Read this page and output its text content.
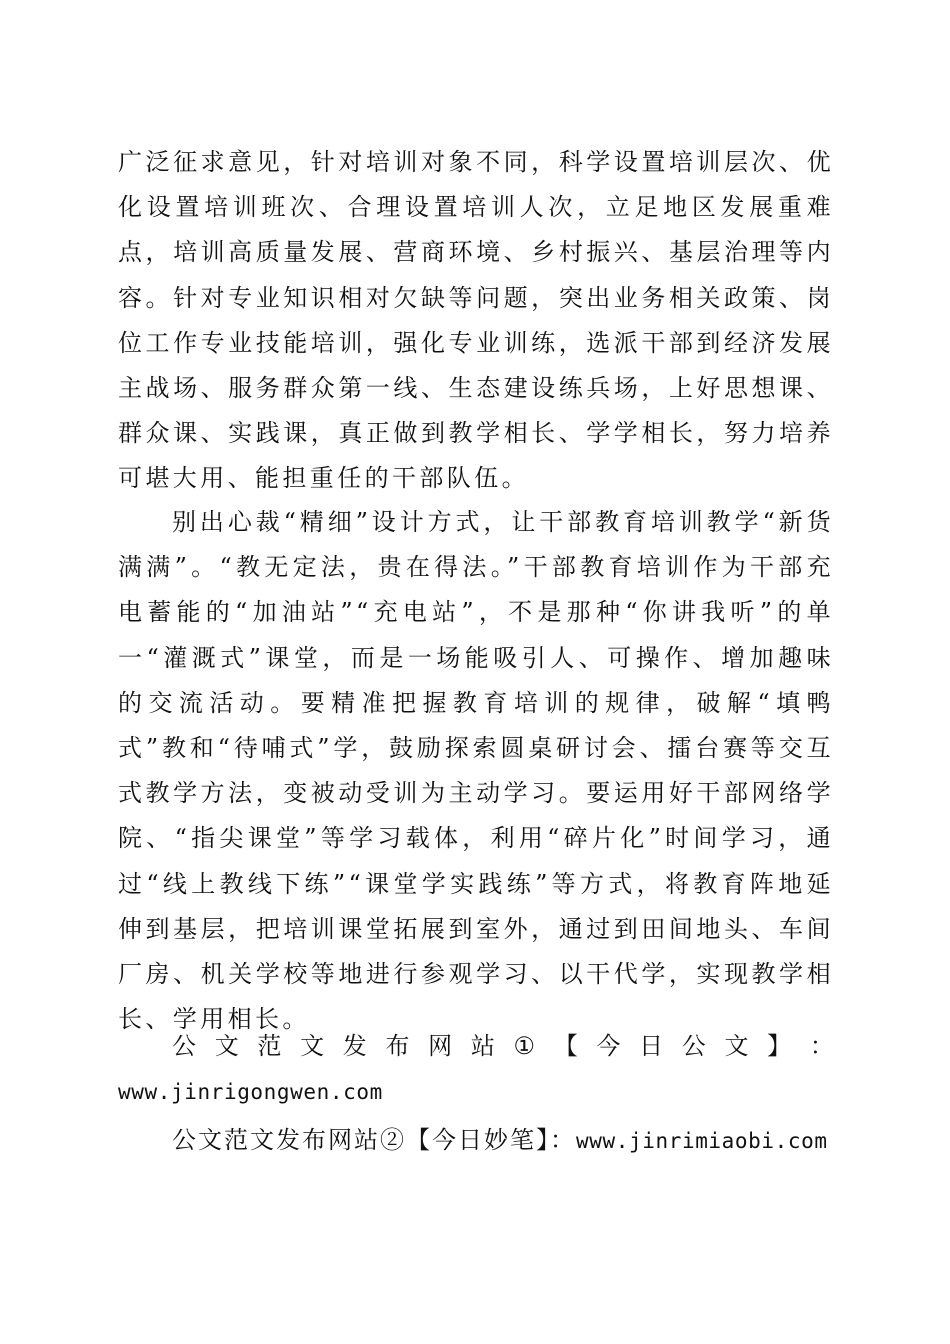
广泛征求意见，针对培训对象不同，科学设置培训层次、优化设置培训班次、合理设置培训人次，立足地区发展重难点，培训高质量发展、营商环境、乡村振兴、基层治理等内容。针对专业知识相对欠缺等问题，突出业务相关政策、岗位工作专业技能培训，强化专业训练，选派干部到经济发展主战场、服务群众第一线、生态建设练兵场，上好思想课、群众课、实践课，真正做到教学相长、学学相长，努力培养可堪大用、能担重任的干部队伍。
别出心裁“精细”设计方式，让干部教育培训教学“新货满满”。“教无定法，贵在得法。”干部教育培训作为干部充电蓄能的“加油站”“充电站”，不是那种“你讲我听”的单一“灌溉式”课堂，而是一场能吸引人、可操作、增加趣味的交流活动。要精准把握教育培训的规律，破解“填鸭式”教和“待哺式”学，鼓励探索圆桌研讨会、擂台赛等交互式教学方法，变被动受训为主动学习。要运用好干部网络学院、“指尖课堂”等学习载体，利用“碎片化”时间学习，通过“线上教线下练”“课堂学实践练”等方式，将教育阵地延伸到基层，把培训课堂拓展到室外，通过到田间地头、车间厂房、机关学校等地进行参观学习、以干代学，实现教学相长、学用相长。
公 文 范 文 发 布 网 站 ① 【 今 日 公 文 】 ：
www.jinrigongwen.com
公文范文发布网站②【今日妙笔】：www.jinrimiaobi.com
